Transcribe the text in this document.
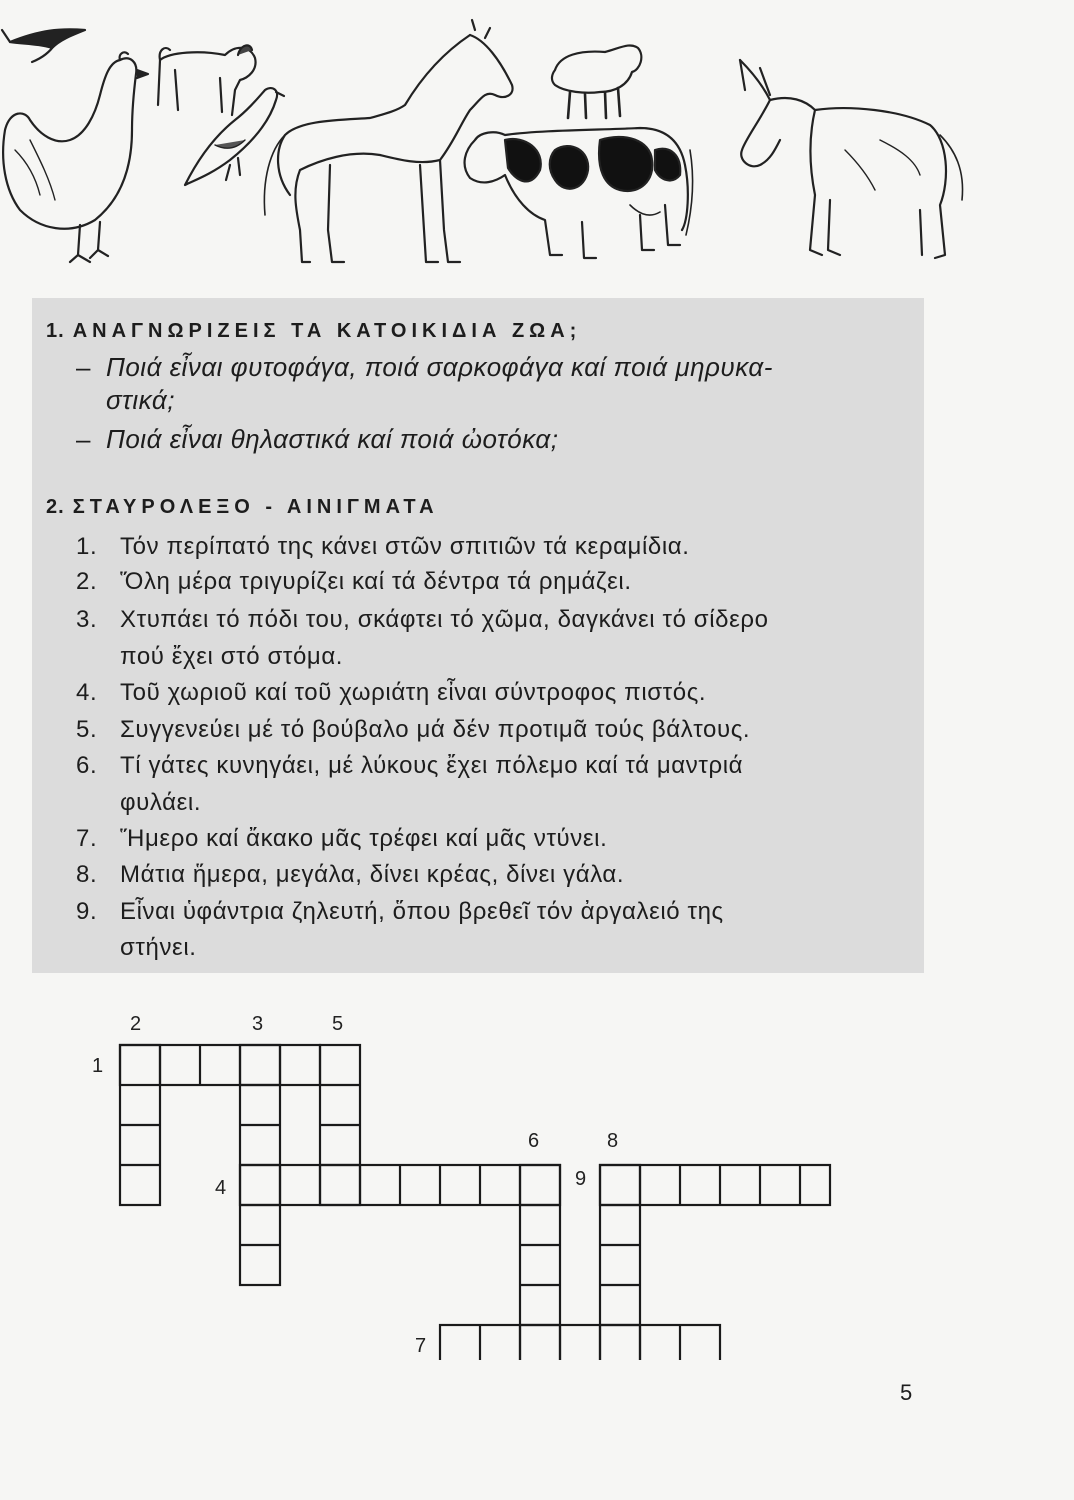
1. ΑΝΑΓΝΩΡΙΖΕΙΣ ΤΑ ΚΑΤΟΙΚΙΔΙΑ ΖΩΑ;

– Ποιά εἶναι φυτοφάγα, ποιά σαρκοφάγα καί ποιά μηρυκα-

στικά;

– Ποιά εἶναι θηλαστικά καί ποιά ὠοτόκα;

2. ΣΤΑΥΡΟΛΕΞΟ - ΑΙΝΙΓΜΑΤΑ

1. Τόν περίπατό της κάνει στῶν σπιτιῶν τά κεραμίδια.

2. Ὅλη μέρα τριγυρίζει καί τά δέντρα τά ρημάζει.

3. Χτυπάει τό πόδι του, σκάφτει τό χῶμα, δαγκάνει τό σίδερο

πού ἔχει στό στόμα.

4. Τοῦ χωριοῦ καί τοῦ χωριάτη εἶναι σύντροφος πιστός.

5. Συγγενεύει μέ τό βούβαλο μά δέν προτιμᾶ τούς βάλτους.

6. Τί γάτες κυνηγάει, μέ λύκους ἔχει πόλεμο καί τά μαντριά

φυλάει.

7. Ἥμερο καί ἄκακο μᾶς τρέφει καί μᾶς ντύνει.

8. Μάτια ἥμερα, μεγάλα, δίνει κρέας, δίνει γάλα.

9. Εἶναι ὑφάντρια ζηλευτή, ὅπου βρεθεῖ τόν ἀργαλειό της

στήνει.

1
2	3
4
5
6
7
8
9
5
